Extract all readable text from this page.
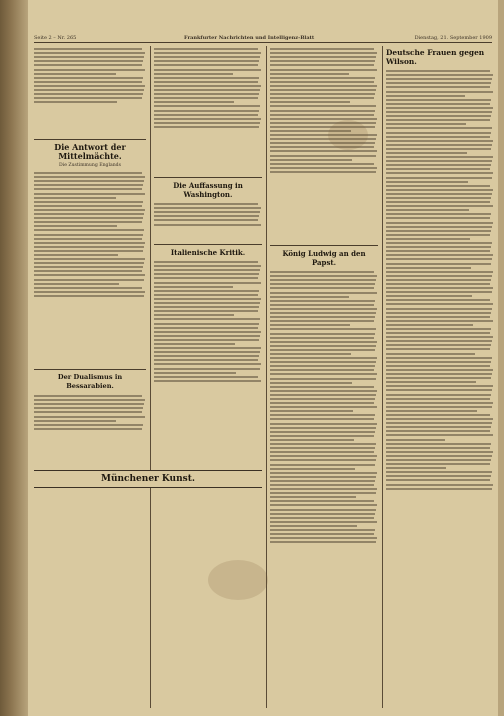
Seite 2 – Nr. 265	Frankfurter Nachrichten und Intelligenz-Blatt	Dienstag, 21. September 1909
Die Antwort der Mittelmächte.
Die Zustimmung Englands
Der Dualismus in Bessarabien.
Die Auffassung in Washington.
Italienische Kritik.	König Ludwig an den Papst.
Deutsche Frauen gegen Wilson.
Münchener Kunst.
